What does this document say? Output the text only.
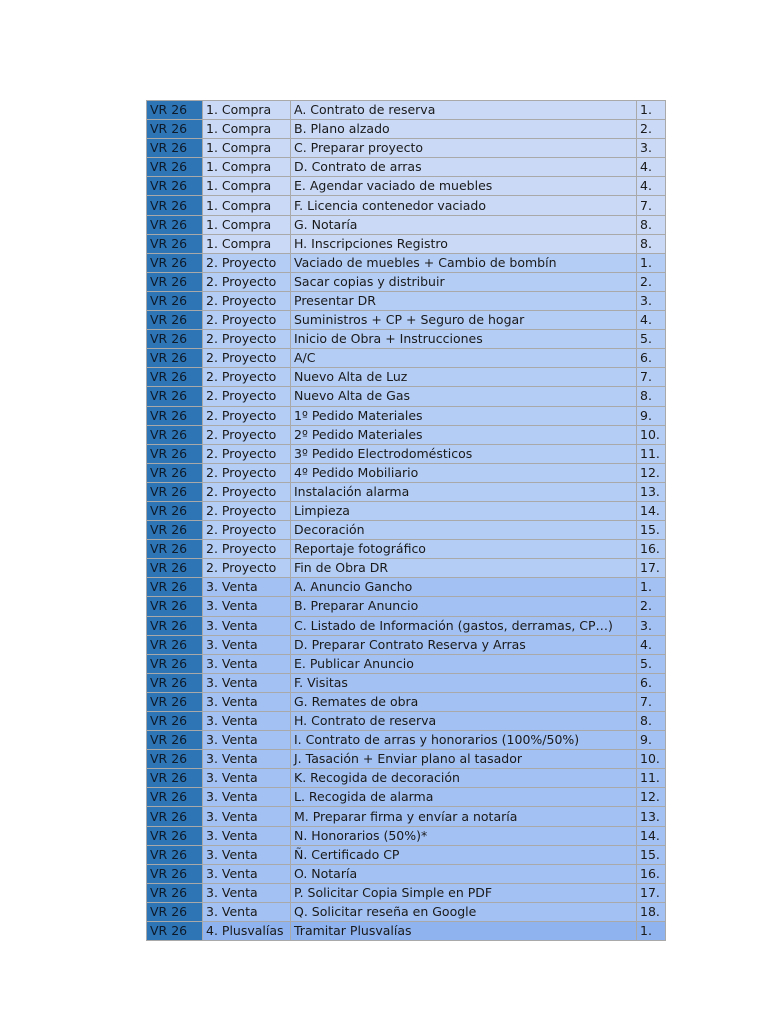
VR 26	1. Compra	A. Contrato de reserva	1.
VR 26	1. Compra	B. Plano alzado	2.
VR 26	1. Compra	C. Preparar proyecto	3.
VR 26	1. Compra	D. Contrato de arras	4.
VR 26	1. Compra	E. Agendar vaciado de muebles	4.
VR 26	1. Compra	F. Licencia contenedor vaciado	7.
VR 26	1. Compra	G. Notaría	8.
VR 26	1. Compra	H. Inscripciones Registro	8.
VR 26	2. Proyecto	Vaciado de muebles + Cambio de bombín	1.
VR 26	2. Proyecto	Sacar copias y distribuir	2.
VR 26	2. Proyecto	Presentar DR	3.
VR 26	2. Proyecto	Suministros + CP + Seguro de hogar	4.
VR 26	2. Proyecto	Inicio de Obra + Instrucciones	5.
VR 26	2. Proyecto	A/C	6.
VR 26	2. Proyecto	Nuevo Alta de Luz	7.
VR 26	2. Proyecto	Nuevo Alta de Gas	8.
VR 26	2. Proyecto	1º Pedido Materiales	9.
VR 26	2. Proyecto	2º Pedido Materiales	10.
VR 26	2. Proyecto	3º Pedido Electrodomésticos	11.
VR 26	2. Proyecto	4º Pedido Mobiliario	12.
VR 26	2. Proyecto	Instalación alarma	13.
VR 26	2. Proyecto	Limpieza	14.
VR 26	2. Proyecto	Decoración	15.
VR 26	2. Proyecto	Reportaje fotográfico	16.
VR 26	2. Proyecto	Fin de Obra DR	17.
VR 26	3. Venta	A. Anuncio Gancho	1.
VR 26	3. Venta	B. Preparar Anuncio	2.
VR 26	3. Venta	C. Listado de Información (gastos, derramas, CP…)	3.
VR 26	3. Venta	D. Preparar Contrato Reserva y Arras	4.
VR 26	3. Venta	E. Publicar Anuncio	5.
VR 26	3. Venta	F. Visitas	6.
VR 26	3. Venta	G. Remates de obra	7.
VR 26	3. Venta	H. Contrato de reserva	8.
VR 26	3. Venta	I. Contrato de arras y honorarios (100%/50%)	9.
VR 26	3. Venta	J. Tasación + Enviar plano al tasador	10.
VR 26	3. Venta	K. Recogida de decoración	11.
VR 26	3. Venta	L. Recogida de alarma	12.
VR 26	3. Venta	M. Preparar firma y envíar a notaría	13.
VR 26	3. Venta	N. Honorarios (50%)*	14.
VR 26	3. Venta	Ñ. Certificado CP	15.
VR 26	3. Venta	O. Notaría	16.
VR 26	3. Venta	P. Solicitar Copia Simple en PDF	17.
VR 26	3. Venta	Q. Solicitar reseña en Google	18.
VR 26	4. Plusvalías	Tramitar Plusvalías	1.
